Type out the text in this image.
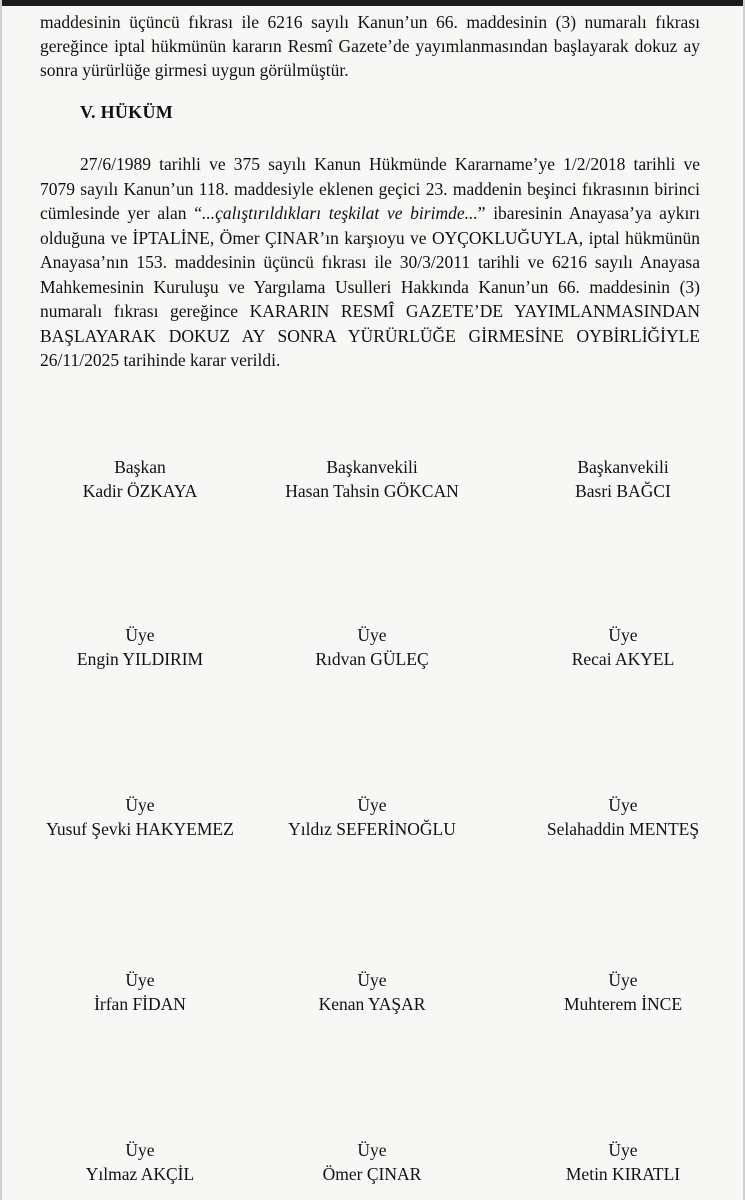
maddesinin üçüncü fıkrası ile 6216 sayılı Kanun’un 66. maddesinin (3) numaralı fıkrası gereğince iptal hükmünün kararın Resmî Gazete’de yayımlanmasından başlayarak dokuz ay sonra yürürlüğe girmesi uygun görülmüştür.

V. HÜKÜM

27/6/1989 tarihli ve 375 sayılı Kanun Hükmünde Kararname’ye 1/2/2018 tarihli ve 7079 sayılı Kanun’un 118. maddesiyle eklenen geçici 23. maddenin beşinci fıkrasının birinci cümlesinde yer alan “...çalıştırıldıkları teşkilat ve birimde...” ibaresinin Anayasa’ya aykırı olduğuna ve İPTALİNE, Ömer ÇINAR’ın karşıoyu ve OYÇOKLUĞUYLA, iptal hükmünün Anayasa’nın 153. maddesinin üçüncü fıkrası ile 30/3/2011 tarihli ve 6216 sayılı Anayasa Mahkemesinin Kuruluşu ve Yargılama Usulleri Hakkında Kanun’un 66. maddesinin (3) numaralı fıkrası gereğince KARARIN RESMÎ GAZETE’DE YAYIMLANMASINDAN BAŞLAYARAK DOKUZ AY SONRA YÜRÜRLÜĞE GİRMESİNE OYBİRLİĞİYLE 26/11/2025 tarihinde karar verildi.

Başkan
Kadir ÖZKAYA
Başkanvekili
Hasan Tahsin GÖKCAN
Başkanvekili
Basri BAĞCI
Üye
Engin YILDIRIM
Üye
Rıdvan GÜLEÇ
Üye
Recai AKYEL
Üye
Yusuf Şevki HAKYEMEZ
Üye
Yıldız SEFERİNOĞLU
Üye
Selahaddin MENTEŞ
Üye
İrfan FİDAN
Üye
Kenan YAŞAR
Üye
Muhterem İNCE
Üye
Yılmaz AKÇİL
Üye
Ömer ÇINAR
Üye
Metin KIRATLI
